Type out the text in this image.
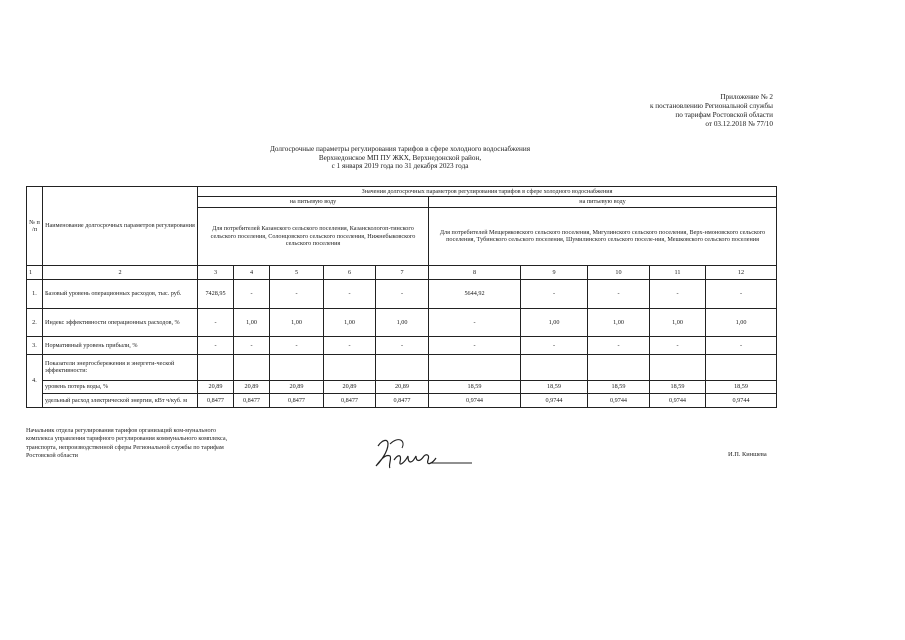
Приложение № 2
к постановлению Региональной службы
по тарифам Ростовской области
от 03.12.2018 № 77/10
Долгосрочные параметры регулирования тарифов в сфере холодного водоснабжения
Верхнедонское МП ПУ ЖКХ, Верхнедонской район,
с 1 января 2019 года по 31 декабря 2023 года
№ п /п	Наименование долгосрочных параметров регулирования	Значения долгосрочных параметров регулирования тарифов в сфере холодного водоснабжения									
		на питьевую воду					на питьевую воду				
		Для потребителей Казанского сельского поселения, Казанскологоп-тинского сельского поселения, Солонцовского сельского поселения, Нижнебыковского сельского поселения					Для потребителей Мещеряковского сельского поселения, Мигулинского сельского поселения, Верх-нмоновского сельского поселения, Тубинского сельского поселения, Шумилинского сельского поселе-ния, Мешковского сельского поселения				
1	2	3	4	5	6	7	8	9	10	11	12
1.	Базовый уровень операционных расходов, тыс. руб.	7428,95	-	-	-	-	5644,92	-	-	-	-
2.	Индекс эффективности операционных расходов, %	-	1,00	1,00	1,00	1,00	-	1,00	1,00	1,00	1,00
3.	Нормативный уровень прибыли, %	-	-	-	-	-	-	-	-	-	-
4.	Показатели энергосбережения и энергети-ческой эффективности:										
	уровень потерь воды, %	20,89	20,89	20,89	20,89	20,89	18,59	18,59	18,59	18,59	18,59
	удельный расход электрической энергии, кВт ч/куб. м	0,8477	0,8477	0,8477	0,8477	0,8477	0,9744	0,9744	0,9744	0,9744	0,9744
Начальник отдела регулирования тарифов организаций ком-мунального комплекса управления тарифного регулирования коммунального комплекса, транспорта, непроизводственной сферы Региональной службы по тарифам Ростовской области	И.П. Киншева
